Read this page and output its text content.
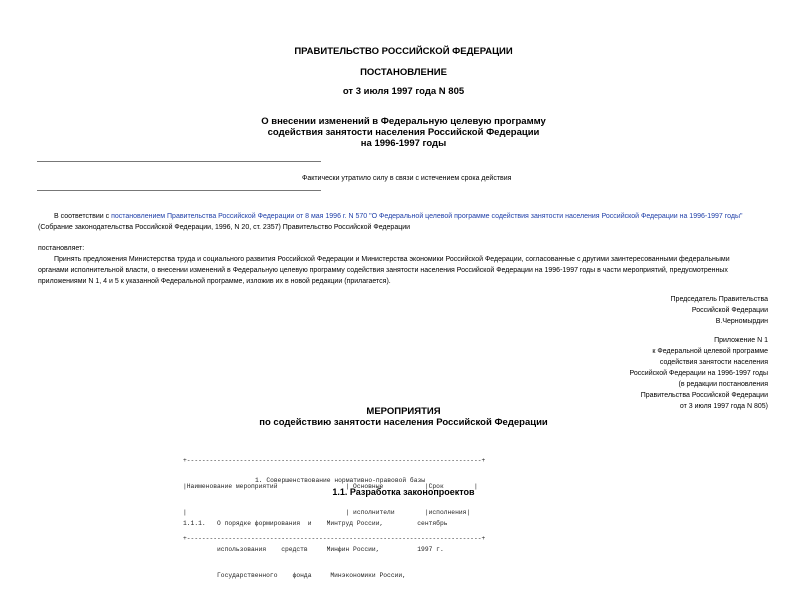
ПРАВИТЕЛЬСТВО РОССИЙСКОЙ ФЕДЕРАЦИИ
ПОСТАНОВЛЕНИЕ
от 3 июля 1997 года N 805
О внесении изменений в Федеральную целевую программу
содействия занятости населения Российской Федерации
на 1996-1997 годы
Фактически утратило силу в связи с истечением срока действия
В соответствии с постановлением Правительства Российской Федерации от 8 мая 1996 г. N 570 "О Федеральной целевой программе содействия занятости населения Российской Федерации на 1996-1997 годы"
(Собрание законодательства Российской Федерации, 1996, N 20, ст. 2357) Правительство Российской Федерации
постановляет:
Принять предложения Министерства труда и социального развития Российской Федерации и Министерства экономики Российской Федерации, согласованные с другими заинтересованными федеральными
органами исполнительной власти, о внесении изменений в Федеральную целевую программу содействия занятости населения Российской Федерации на 1996-1997 годы в части мероприятий, предусмотренных
приложениями N 1, 4 и 5 к указанной Федеральной программе, изложив их в новой редакции (прилагается).
Председатель Правительства
Российской Федерации
В.Черномырдин
Приложение N 1
к Федеральной целевой программе
содействия занятости населения
Российской Федерации на 1996-1997 годы
(в редакции постановления
Правительства Российской Федерации
от 3 июля 1997 года N 805)
МЕРОПРИЯТИЯ
по содействию занятости населения Российской Федерации

+------------------------------------------------------------------------------+

|Наименование мероприятий                  | Основные           |Срок        |

|                                          | исполнители        |исполнения|

+------------------------------------------------------------------------------+

1. Совершенствование нормативно-правовой базы
1.1. Разработка законопроектов

1.1.1.   О порядке формирования  и    Минтруд России,         сентябрь

использования    средств     Минфин России,          1997 г.

Государственного    фонда     Минэкономики России,
